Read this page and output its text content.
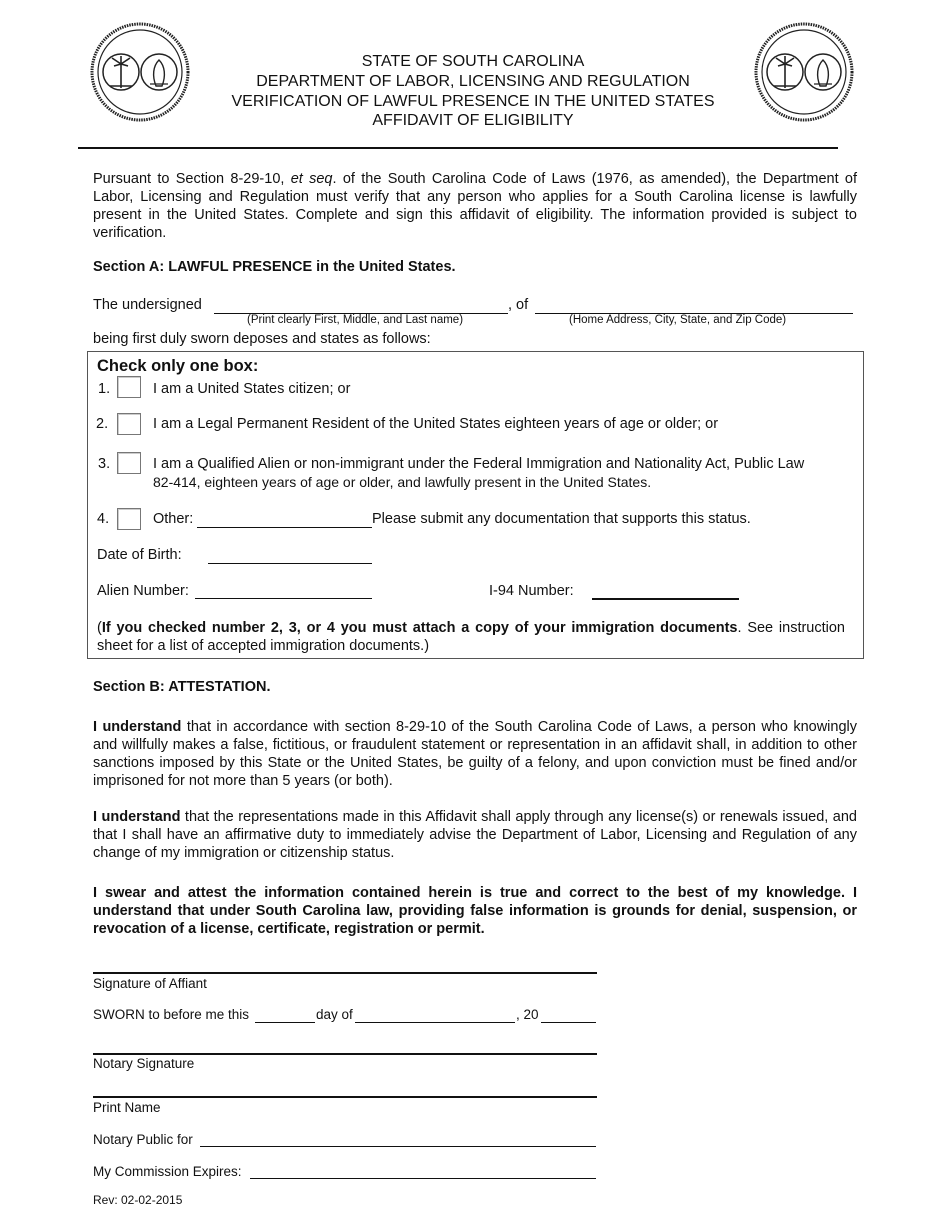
STATE OF SOUTH CAROLINA
DEPARTMENT OF LABOR, LICENSING AND REGULATION
VERIFICATION OF LAWFUL PRESENCE IN THE UNITED STATES
AFFIDAVIT OF ELIGIBILITY
Pursuant to Section 8-29-10, et seq. of the South Carolina Code of Laws (1976, as amended), the Department of Labor, Licensing and Regulation must verify that any person who applies for a South Carolina license is lawfully present in the United States. Complete and sign this affidavit of eligibility. The information provided is subject to verification.
Section A: LAWFUL PRESENCE in the United States.
The undersigned	, of
(Print clearly First, Middle, and Last name)	(Home Address, City, State, and Zip Code)
being first duly sworn deposes and states as follows:
Check only one box:
1.	I am a United States citizen; or
2.	I am a Legal Permanent Resident of the United States eighteen years of age or older; or
3.	I am a Qualified Alien or non-immigrant under the Federal Immigration and Nationality Act, Public Law
82-414, eighteen years of age or older, and lawfully present in the United States.
4.	Other:	Please submit any documentation that supports this status.
Date of Birth:
Alien Number:	I-94 Number:
(If you checked number 2, 3, or 4 you must attach a copy of your immigration documents. See instruction sheet for a list of accepted immigration documents.)
Section B: ATTESTATION.
I understand that in accordance with section 8-29-10 of the South Carolina Code of Laws, a person who knowingly and willfully makes a false, fictitious, or fraudulent statement or representation in an affidavit shall, in addition to other sanctions imposed by this State or the United States, be guilty of a felony, and upon conviction must be fined and/or imprisoned for not more than 5 years (or both).
I understand that the representations made in this Affidavit shall apply through any license(s) or renewals issued, and that I shall have an affirmative duty to immediately advise the Department of Labor, Licensing and Regulation of any change of my immigration or citizenship status.
I swear and attest the information contained herein is true and correct to the best of my knowledge. I understand that under South Carolina law, providing false information is grounds for denial, suspension, or revocation of a license, certificate, registration or permit.
Signature of Affiant
SWORN to before me this	day of	, 20
Notary Signature
Print Name
Notary Public for
My Commission Expires:
Rev: 02-02-2015
